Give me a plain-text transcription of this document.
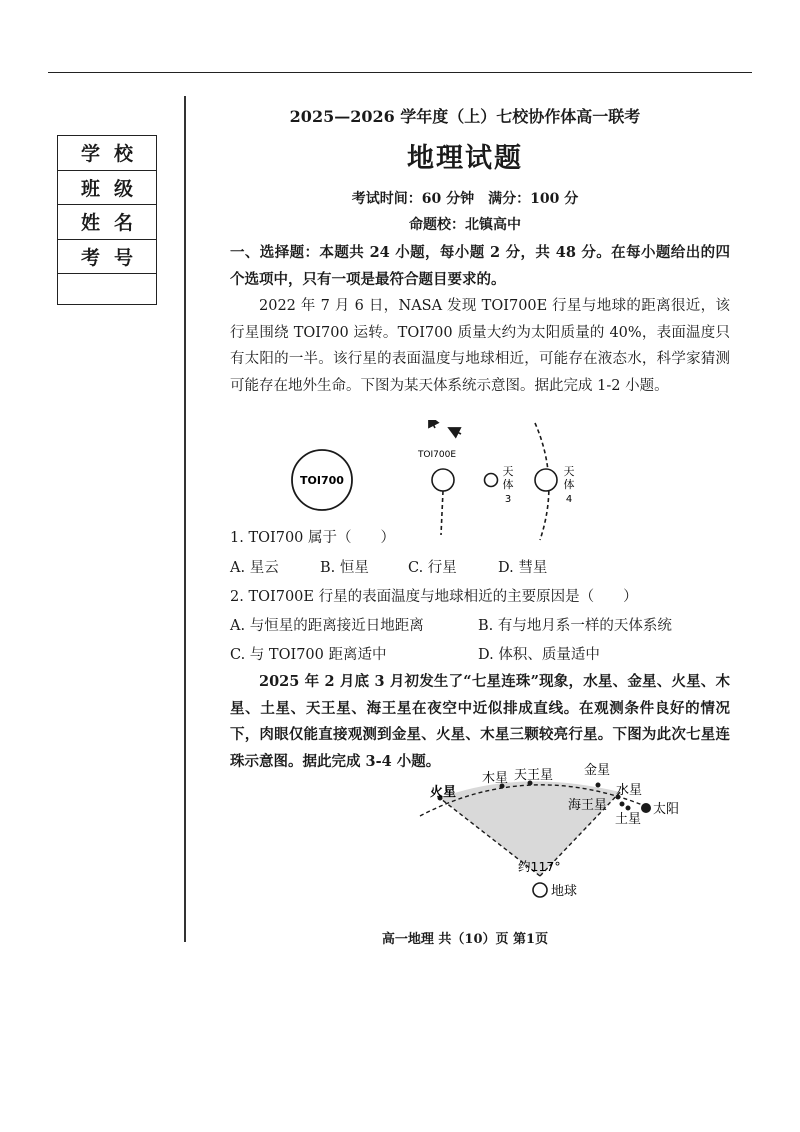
学校
班级
姓名
考号
2025—2026 学年度（上）七校协作体高一联考
地理试题
考试时间：60 分钟　满分：100 分
命题校：北镇高中
一、选择题：本题共 24 小题，每小题 2 分，共 48 分。在每小题给出的四个选项中，只有一项是最符合题目要求的。
2022 年 7 月 6 日，NASA 发现 TOI700E 行星与地球的距离很近，该行星围绕 TOI700 运转。TOI700 质量大约为太阳质量的 40%，表面温度只有太阳的一半。该行星的表面温度与地球相近，可能存在液态水，科学家猜测可能存在地外生命。下图为某天体系统示意图。据此完成 1-2 小题。
TOI700
TOI700E
天
体
3
天
体
4
1. TOI700 属于（　　）
A. 星云	B. 恒星	C. 行星	D. 彗星
2. TOI700E 行星的表面温度与地球相近的主要原因是（　　）
A. 与恒星的距离接近日地距离	B. 有与地月系一样的天体系统
C. 与 TOI700 距离适中	D. 体积、质量适中
2025 年 2 月底 3 月初发生了“七星连珠”现象，水星、金星、火星、木星、土星、天王星、海王星在夜空中近似排成直线。在观测条件良好的情况下，肉眼仅能直接观测到金星、火星、木星三颗较亮行星。下图为此次七星连珠示意图。据此完成 3-4 小题。
火星
木星 天王星 金星
水星
海王星	太阳
土星
约117°
地球
高一地理 共（10）页 第1页
